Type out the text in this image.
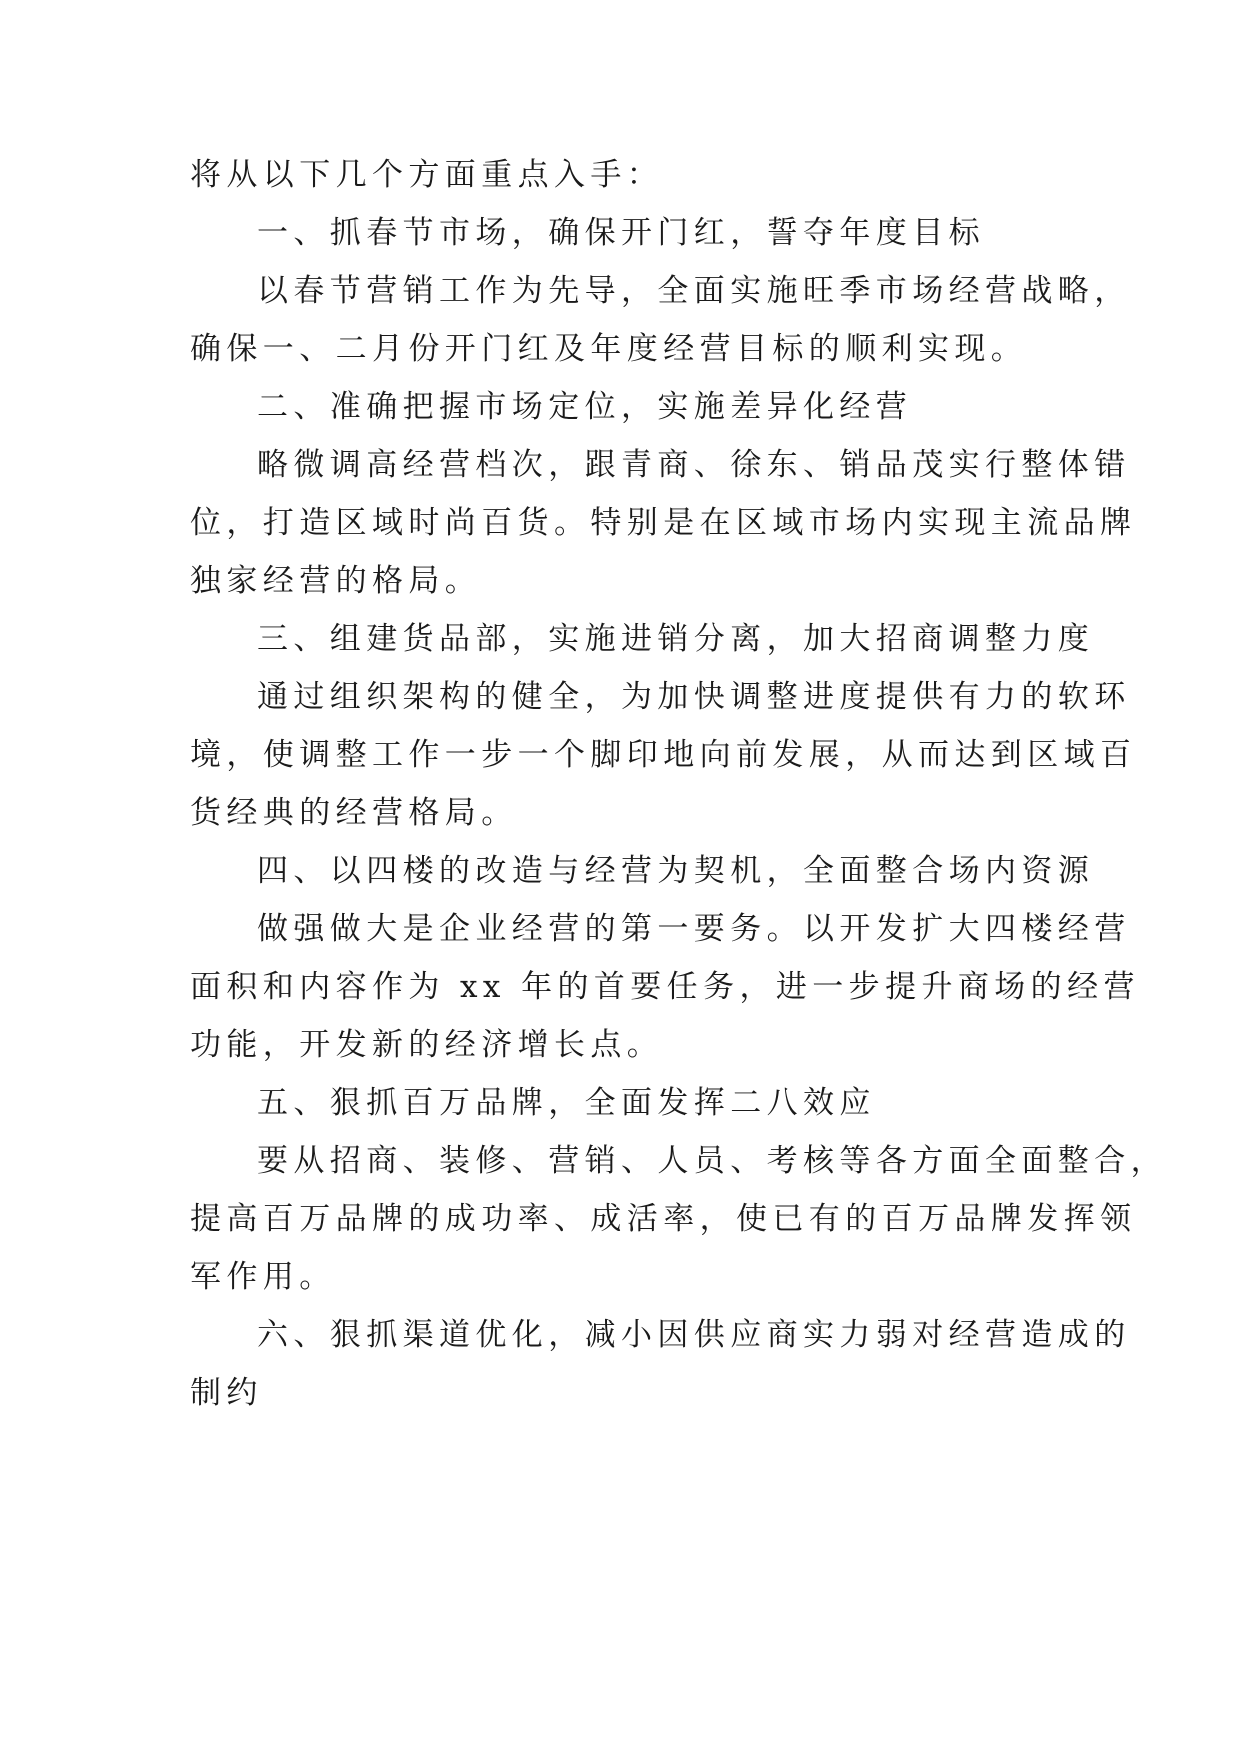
将从以下几个方面重点入手：
一、抓春节市场，确保开门红，誓夺年度目标
以春节营销工作为先导，全面实施旺季市场经营战略，
确保一、二月份开门红及年度经营目标的顺利实现。
二、准确把握市场定位，实施差异化经营
略微调高经营档次，跟青商、徐东、销品茂实行整体错
位，打造区域时尚百货。特别是在区域市场内实现主流品牌
独家经营的格局。
三、组建货品部，实施进销分离，加大招商调整力度
通过组织架构的健全，为加快调整进度提供有力的软环
境，使调整工作一步一个脚印地向前发展，从而达到区域百
货经典的经营格局。
四、以四楼的改造与经营为契机，全面整合场内资源
做强做大是企业经营的第一要务。以开发扩大四楼经营
面积和内容作为 xx 年的首要任务，进一步提升商场的经营
功能，开发新的经济增长点。
五、狠抓百万品牌，全面发挥二八效应
要从招商、装修、营销、人员、考核等各方面全面整合，
提高百万品牌的成功率、成活率，使已有的百万品牌发挥领
军作用。
六、狠抓渠道优化，减小因供应商实力弱对经营造成的
制约
